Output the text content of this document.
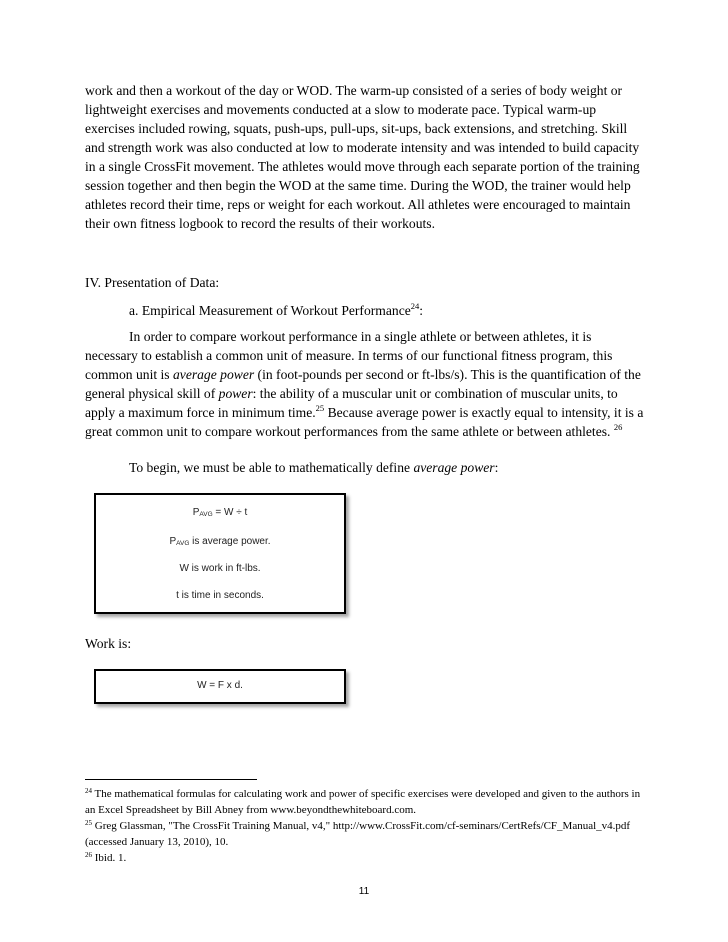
work and then a workout of the day or WOD. The warm-up consisted of a series of body weight or lightweight exercises and movements conducted at a slow to moderate pace. Typical warm-up exercises included rowing, squats, push-ups, pull-ups, sit-ups, back extensions, and stretching. Skill and strength work was also conducted at low to moderate intensity and was intended to build capacity in a single CrossFit movement. The athletes would move through each separate portion of the training session together and then begin the WOD at the same time. During the WOD, the trainer would help athletes record their time, reps or weight for each workout. All athletes were encouraged to maintain their own fitness logbook to record the results of their workouts.

IV. Presentation of Data:

a. Empirical Measurement of Workout Performance$^{24}$:

In order to compare workout performance in a single athlete or between athletes, it is necessary to establish a common unit of measure. In terms of our functional fitness program, this common unit is average power (in foot-pounds per second or ft-lbs/s). This is the quantification of the general physical skill of power: the ability of a muscular unit or combination of muscular units, to apply a maximum force in minimum time.$^{25}$ Because average power is exactly equal to intensity, it is a great common unit to compare workout performances from the same athlete or between athletes. $^{26}$

To begin, we must be able to mathematically define average power:

PAVG = W ÷ t
PAVG is average power.
W is work in ft-lbs.
t is time in seconds.

Work is:

W = F x d.

$^{24}$ The mathematical formulas for calculating work and power of specific exercises were developed and given to the authors in an Excel Spreadsheet by Bill Abney from www.beyondthewhiteboard.com.

$^{25}$ Greg Glassman, "The CrossFit Training Manual, v4," http://www.CrossFit.com/cf-seminars/CertRefs/CF_Manual_v4.pdf (accessed January 13, 2010), 10.

$^{26}$ Ibid. 1.

11
